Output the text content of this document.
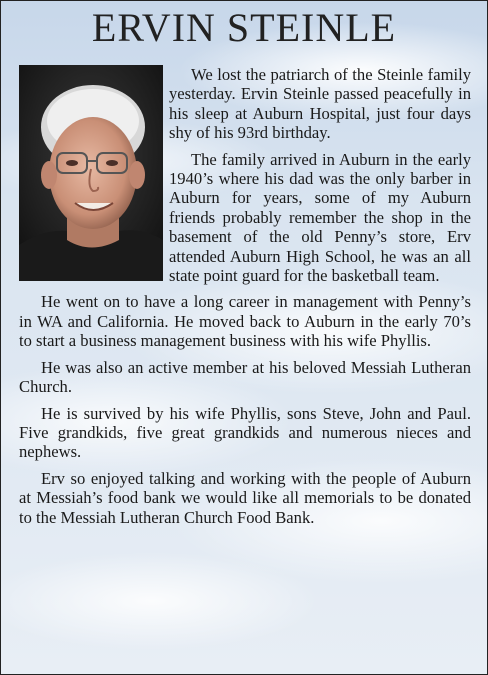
ERVIN STEINLE

We lost the patriarch of the Steinle family yesterday. Ervin Steinle passed peacefully in his sleep at Auburn Hospital, just four days shy of his 93rd birthday.

The family arrived in Auburn in the early 1940’s where his dad was the only barber in Auburn for years, some of my Auburn friends probably remember the shop in the basement of the old Penny’s store, Erv attended Auburn High School, he was an all state point guard for the basketball team.

He went on to have a long career in management with Penny’s in WA and California. He moved back to Auburn in the early 70’s to start a business management business with his wife Phyllis.

He was also an active member at his beloved Messiah Lutheran Church.

He is survived by his wife Phyllis, sons Steve, John and Paul. Five grandkids, five great grandkids and numerous nieces and nephews.

Erv so enjoyed talking and working with the people of Auburn at Messiah’s food bank we would like all memorials to be donated to the Messiah Lutheran Church Food Bank.
